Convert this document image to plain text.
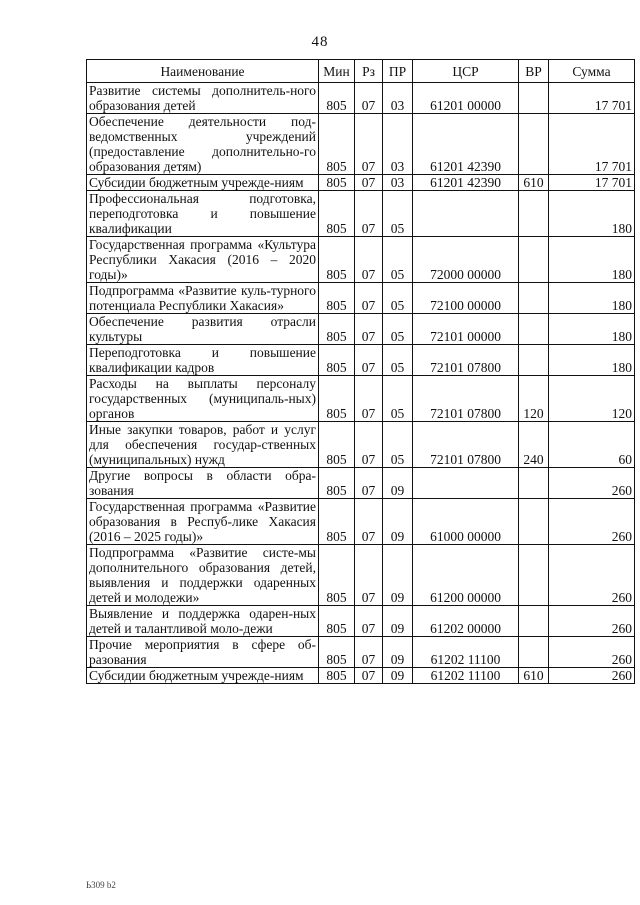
48
Наименование	Мин	Рз	ПР	ЦСР	ВР	Сумма
Развитие системы дополнитель-ного образования детей	805	07	03	61201 00000		17 701
Обеспечение деятельности под-ведомственных учреждений (предоставление дополнительно-го образования детям)	805	07	03	61201 42390		17 701
Субсидии бюджетным учрежде-ниям	805	07	03	61201 42390	610	17 701
Профессиональная подготовка, переподготовка и повышение квалификации	805	07	05			180
Государственная программа «Культура Республики Хакасия (2016 – 2020 годы)»	805	07	05	72000 00000		180
Подпрограмма «Развитие куль-турного потенциала Республики Хакасия»	805	07	05	72100 00000		180
Обеспечение развития отрасли культуры	805	07	05	72101 00000		180
Переподготовка и повышение квалификации кадров	805	07	05	72101 07800		180
Расходы на выплаты персоналу государственных (муниципаль-ных) органов	805	07	05	72101 07800	120	120
Иные закупки товаров, работ и услуг для обеспечения государ-ственных (муниципальных) нужд	805	07	05	72101 07800	240	60
Другие вопросы в области обра-зования	805	07	09			260
Государственная программа «Развитие образования в Респуб-лике Хакасия (2016 – 2025 годы)»	805	07	09	61000 00000		260
Подпрограмма «Развитие систе-мы дополнительного образования детей, выявления и поддержки одаренных детей и молодежи»	805	07	09	61200 00000		260
Выявление и поддержка одарен-ных детей и талантливой моло-дежи	805	07	09	61202 00000		260
Прочие мероприятия в сфере об-разования	805	07	09	61202 11100		260
Субсидии бюджетным учрежде-ниям	805	07	09	61202 11100	610	260
Ь309 b2
